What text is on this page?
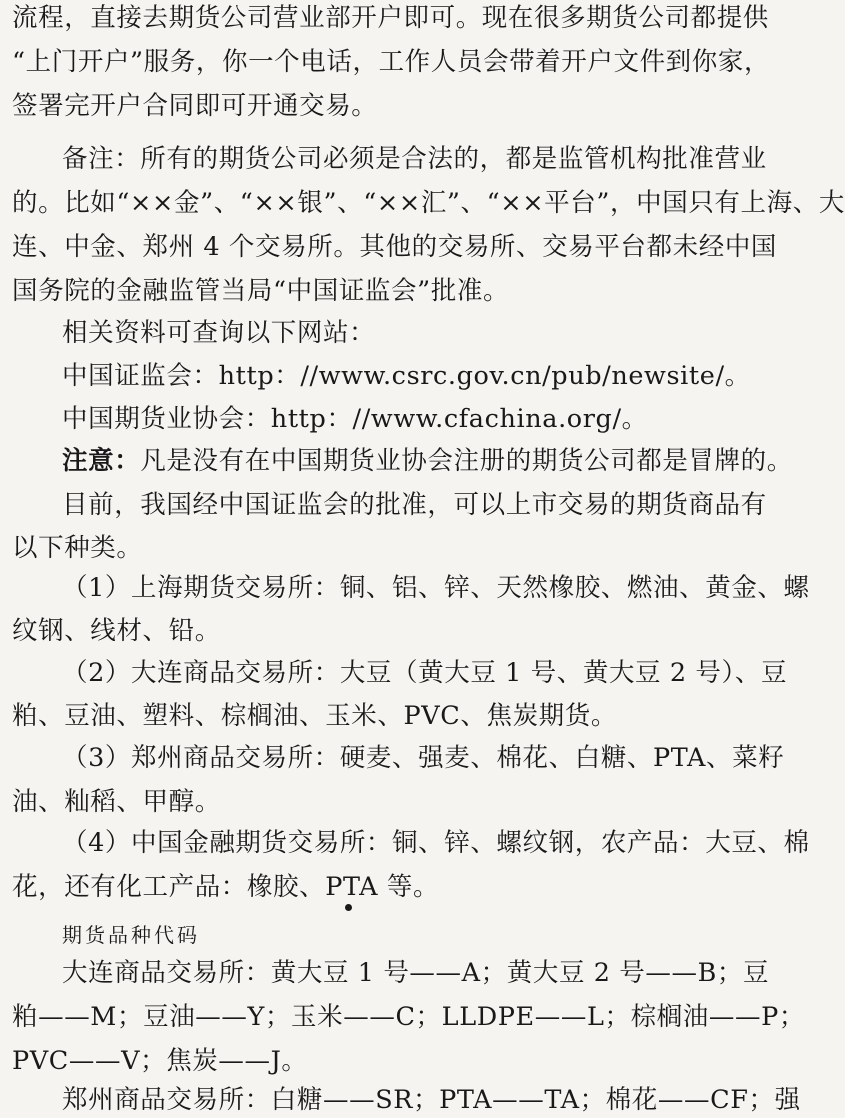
流程，直接去期货公司营业部开户即可。现在很多期货公司都提供
“上门开户”服务，你一个电话，工作人员会带着开户文件到你家，
签署完开户合同即可开通交易。
备注：所有的期货公司必须是合法的，都是监管机构批准营业
的。比如“××金”、“××银”、“××汇”、“××平台”，中国只有上海、大
连、中金、郑州 4 个交易所。其他的交易所、交易平台都未经中国
国务院的金融监管当局“中国证监会”批准。
相关资料可查询以下网站：
中国证监会：http：//www.csrc.gov.cn/pub/newsite/。
中国期货业协会：http：//www.cfachina.org/。
注意：凡是没有在中国期货业协会注册的期货公司都是冒牌的。
目前，我国经中国证监会的批准，可以上市交易的期货商品有
以下种类。
（1）上海期货交易所：铜、铝、锌、天然橡胶、燃油、黄金、螺
纹钢、线材、铅。
（2）大连商品交易所：大豆（黄大豆 1 号、黄大豆 2 号）、豆
粕、豆油、塑料、棕榈油、玉米、PVC、焦炭期货。
（3）郑州商品交易所：硬麦、强麦、棉花、白糖、PTA、菜籽
油、籼稻、甲醇。
（4）中国金融期货交易所：铜、锌、螺纹钢，农产品：大豆、棉
花，还有化工产品：橡胶、PTA 等。
期货品种代码
大连商品交易所：黄大豆 1 号——A；黄大豆 2 号——B；豆
粕——M；豆油——Y；玉米——C；LLDPE——L；棕榈油——P；
PVC——V；焦炭——J。
郑州商品交易所：白糖——SR；PTA——TA；棉花——CF；强
